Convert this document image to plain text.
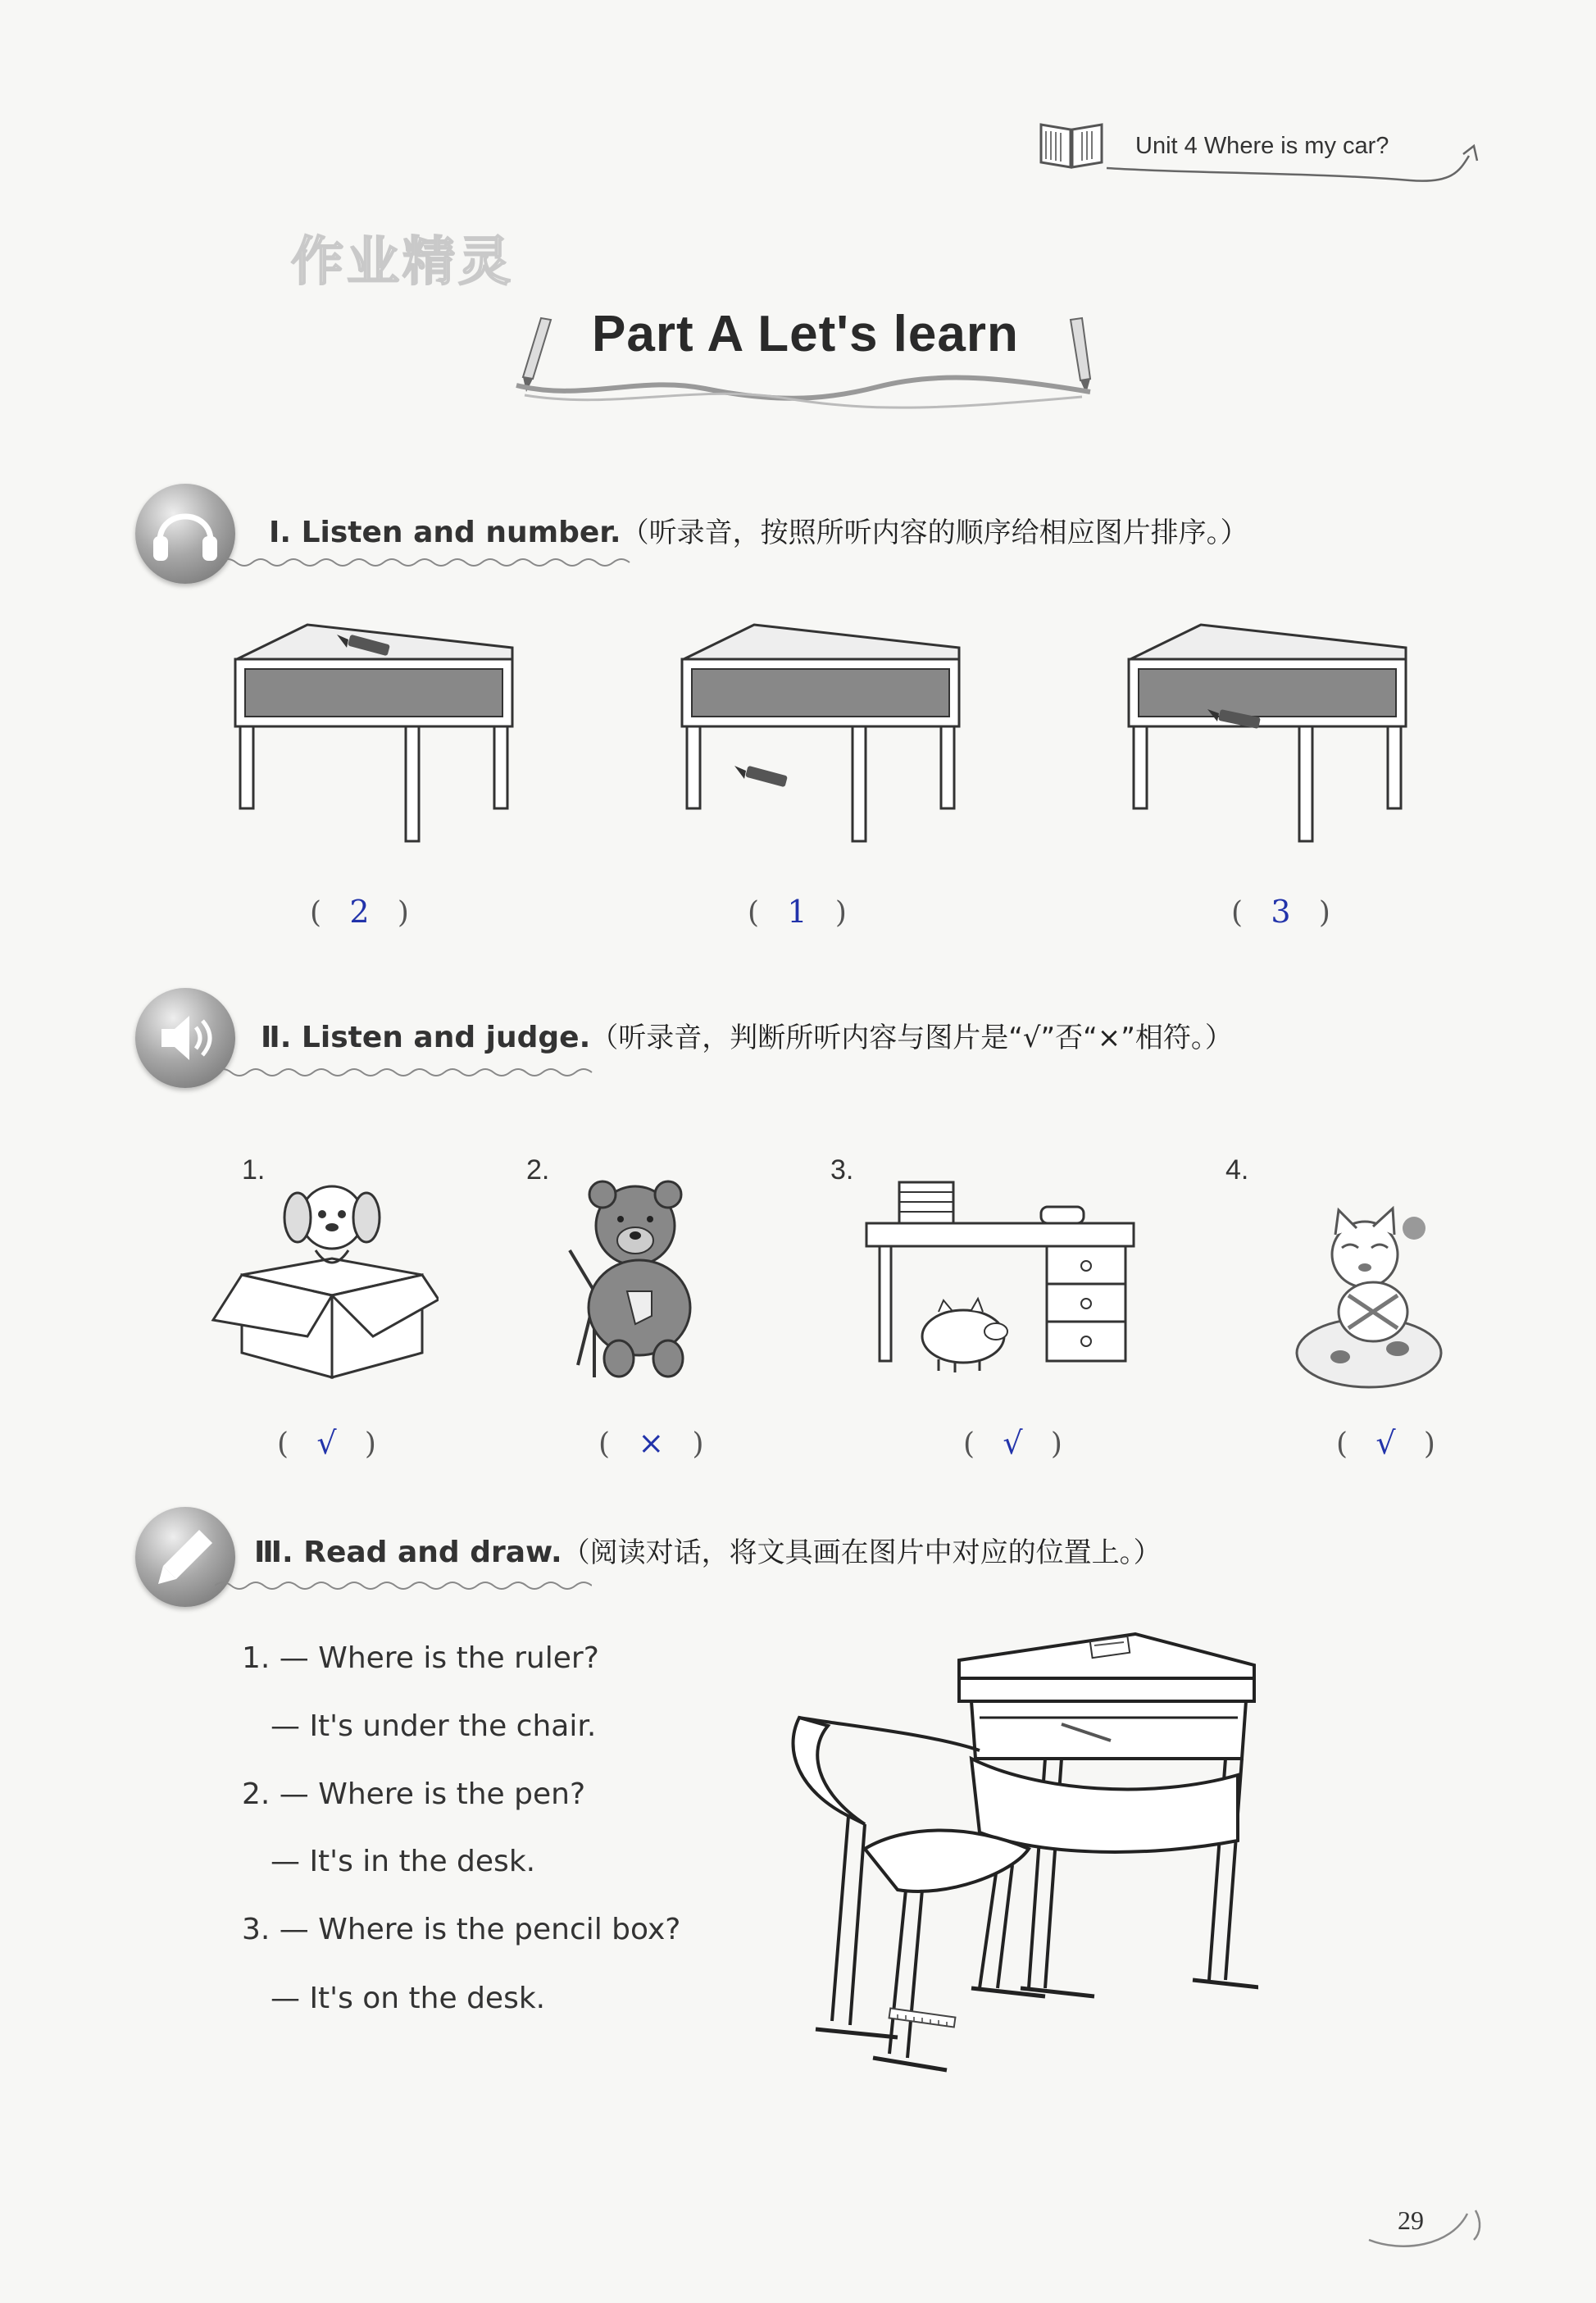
Unit 4 Where is my car?
作业精灵
Part A Let's learn
Ⅰ. Listen and number.（听录音，按照所听内容的顺序给相应图片排序。）
(   2   )	(   1   )	(   3   )
Ⅱ. Listen and judge.（听录音，判断所听内容与图片是“√”否“×”相符。）
1.	2.	3.	4.
(   √   )	(   ×   )	(   √   )	(   √   )
Ⅲ. Read and draw.（阅读对话，将文具画在图片中对应的位置上。）
1. — Where is the ruler?
— It's under the chair.
2. — Where is the pen?
— It's in the desk.
3. — Where is the pencil box?
— It's on the desk.
29
